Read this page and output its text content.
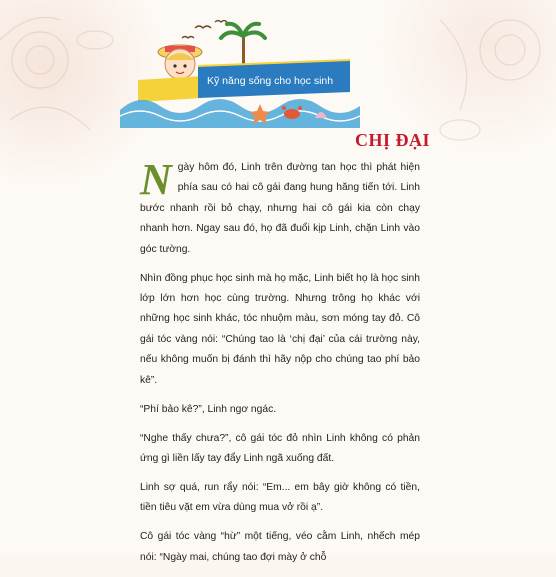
Kỹ năng sống cho học sinh
CHỊ ĐẠI

Ngày hôm đó, Linh trên đường tan học thì phát hiện phía sau có hai cô gái đang hung hăng tiến tới. Linh bước nhanh rồi bỏ chạy, nhưng hai cô gái kia còn chạy nhanh hơn. Ngay sau đó, họ đã đuổi kịp Linh, chặn Linh vào góc tường.

Nhìn đồng phục học sinh mà họ mặc, Linh biết họ là học sinh lớp lớn hơn học cùng trường. Nhưng trông họ khác với những học sinh khác, tóc nhuộm màu, sơn móng tay đỏ. Cô gái tóc vàng nói: “Chúng tao là ‘chị đại’ của cái trường này, nếu không muốn bị đánh thì hãy nộp cho chúng tao phí bảo kê”.

“Phí bảo kê?”, Linh ngơ ngác.

“Nghe thấy chưa?”, cô gái tóc đỏ nhìn Linh không có phản ứng gì liền lấy tay đẩy Linh ngã xuống đất.

Linh sợ quá, run rẩy nói: “Em... em bây giờ không có tiền, tiền tiêu vặt em vừa dùng mua vở rồi ạ”.

Cô gái tóc vàng “hừ” một tiếng, véo cằm Linh, nhếch mép nói: “Ngày mai, chúng tao đợi mày ở chỗ
